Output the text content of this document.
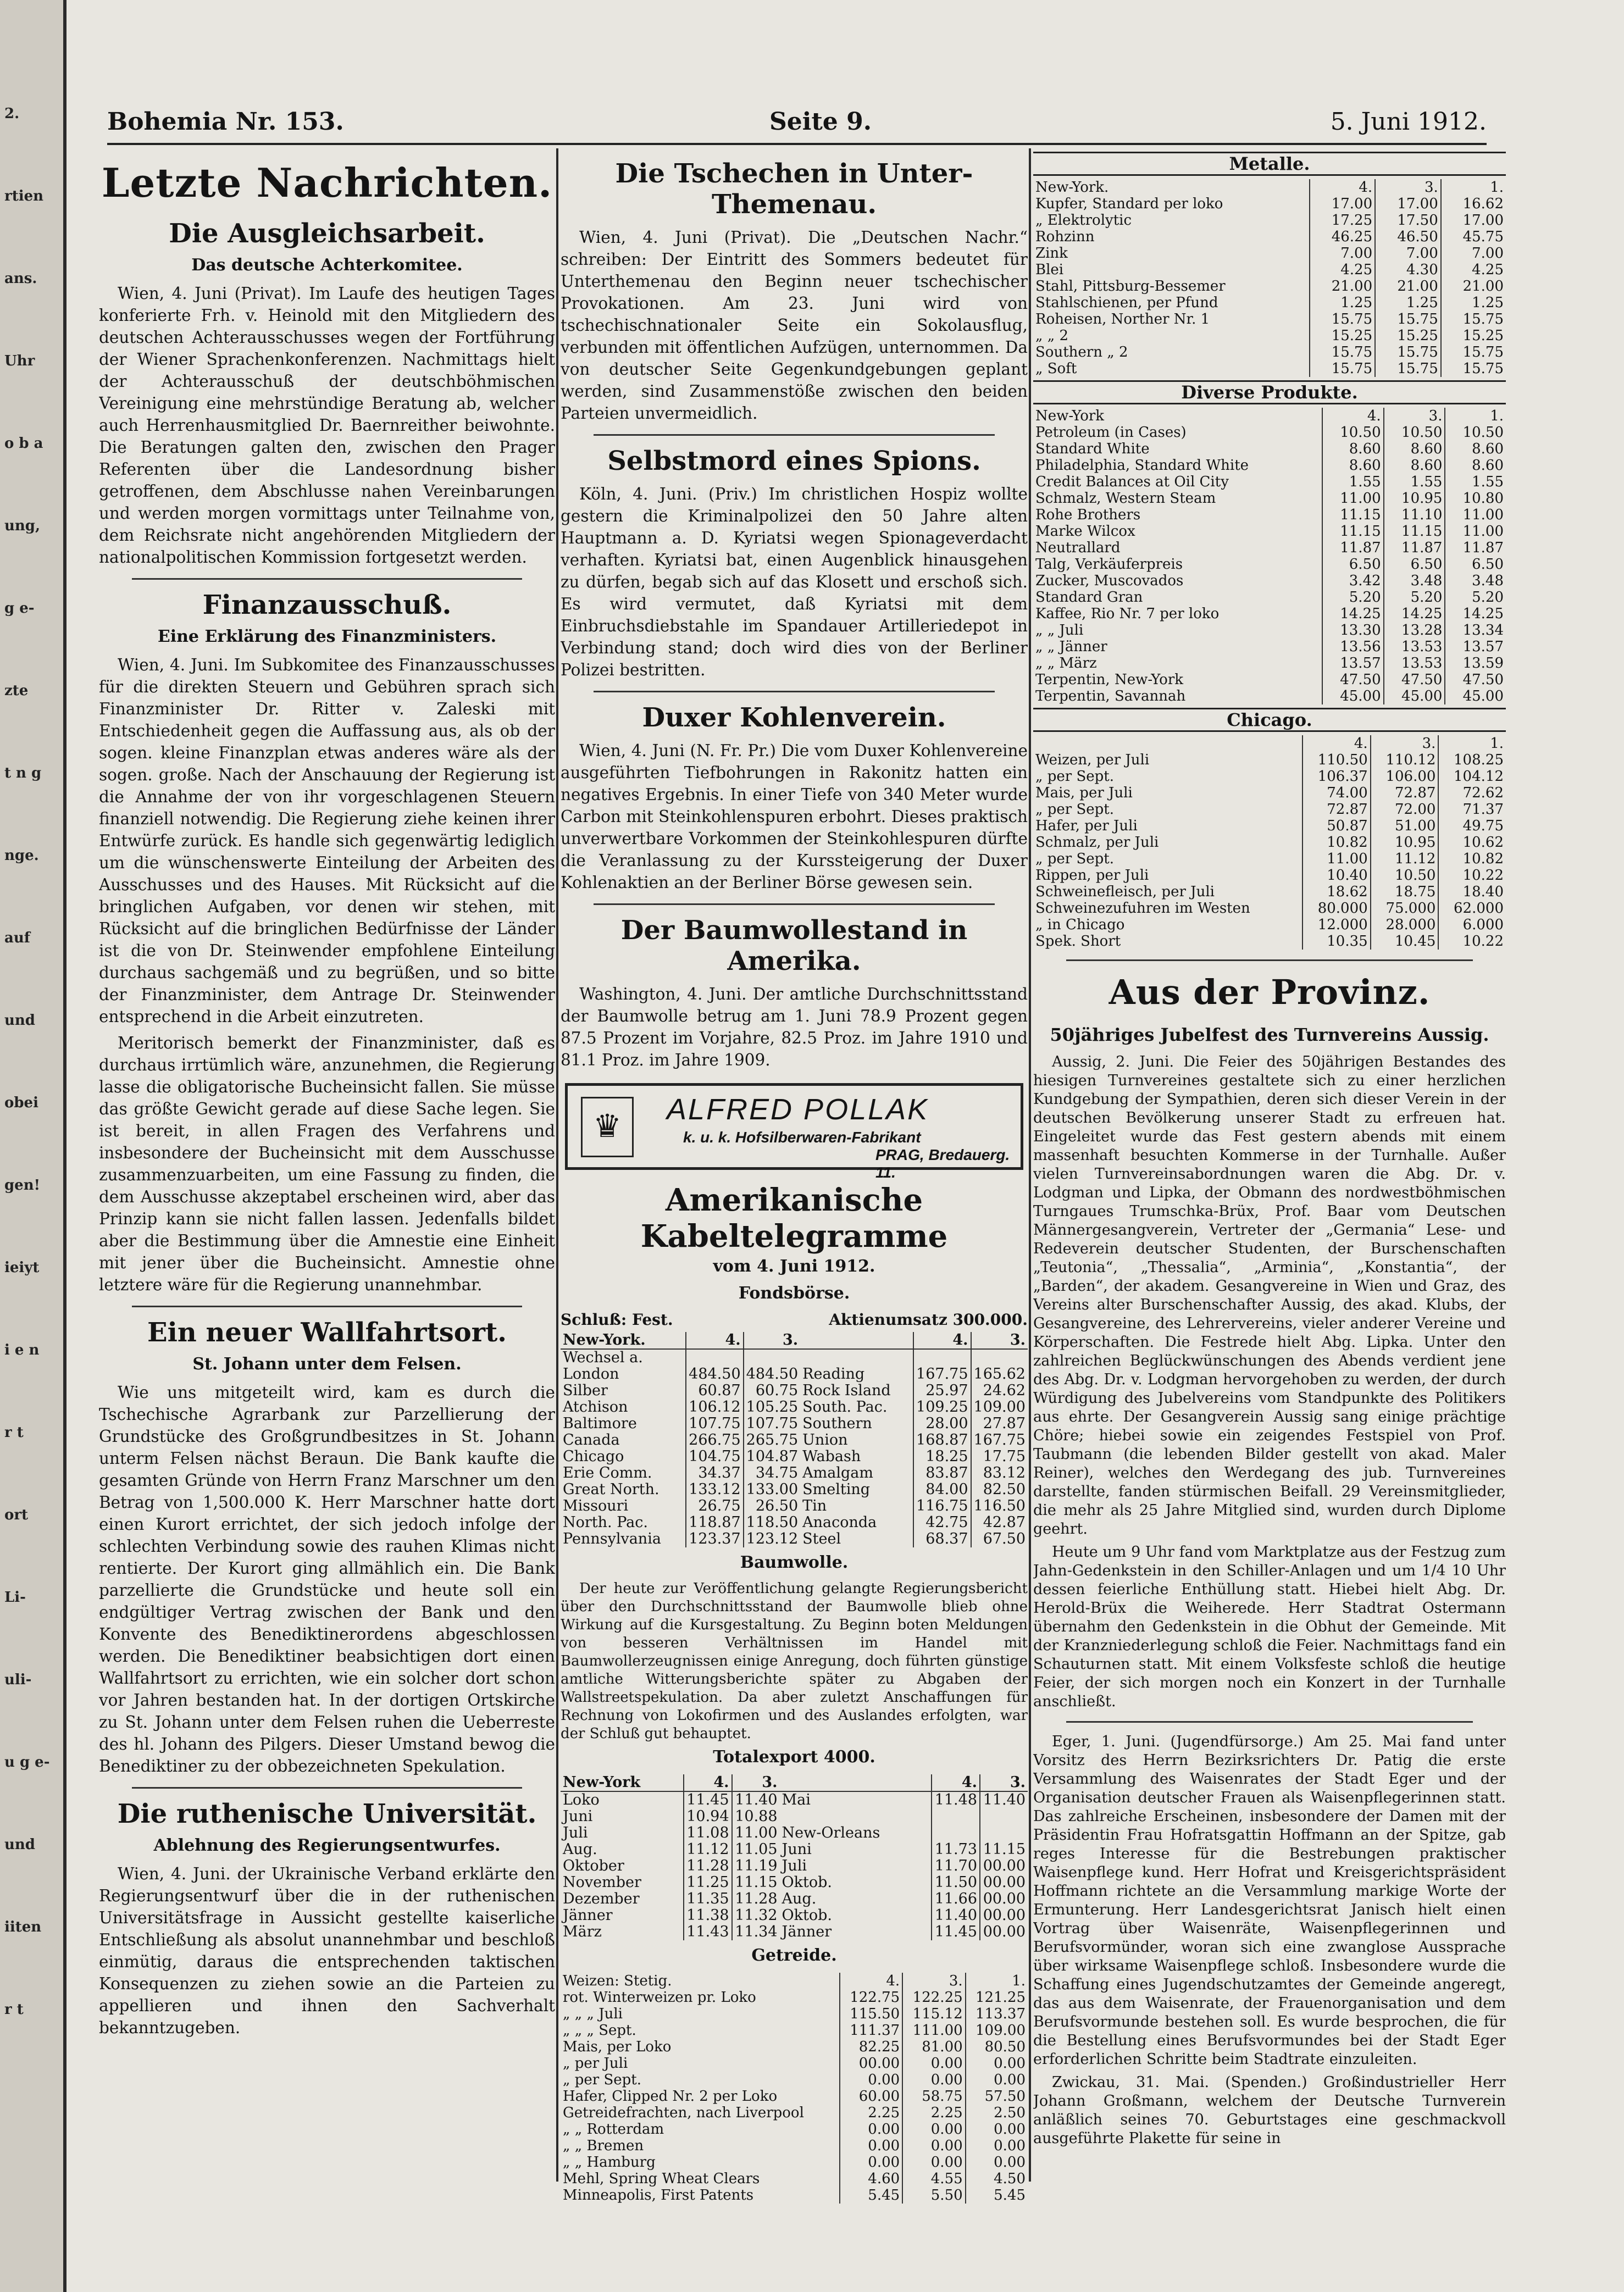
2.
rtien
ans.
Uhr
o b a
ung,
g e-
zte
t n g
nge.
auf
und
obei
gen!
ieiyt
i e n
r t
ort
Li-
uli-
u g e-
und
iiten
r t
Bohemia Nr. 153.	Seite 9.	5. Juni 1912.
Letzte Nachrichten.
Die Ausgleichsarbeit.
Das deutsche Achterkomitee.

Wien, 4. Juni (Privat). Im Laufe des heutigen Tages konferierte Frh. v. Heinold mit den Mitgliedern des deutschen Achterausschusses wegen der Fortführung der Wiener Sprachenkonferenzen. Nachmittags hielt der Achterausschuß der deutschböhmischen Vereinigung eine mehrstündige Beratung ab, welcher auch Herrenhausmitglied Dr. Baernreither beiwohnte. Die Beratungen galten den, zwischen den Prager Referenten über die Landesordnung bisher getroffenen, dem Abschlusse nahen Vereinbarungen und werden morgen vormittags unter Teilnahme von, dem Reichsrate nicht angehörenden Mitgliedern der nationalpolitischen Kommission fortgesetzt werden.

Finanzausschuß.
Eine Erklärung des Finanzministers.

Wien, 4. Juni. Im Subkomitee des Finanzausschusses für die direkten Steuern und Gebühren sprach sich Finanzminister Dr. Ritter v. Zaleski mit Entschiedenheit gegen die Auffassung aus, als ob der sogen. kleine Finanzplan etwas anderes wäre als der sogen. große. Nach der Anschauung der Regierung ist die Annahme der von ihr vorgeschlagenen Steuern finanziell notwendig. Die Regierung ziehe keinen ihrer Entwürfe zurück. Es handle sich gegenwärtig lediglich um die wünschenswerte Einteilung der Arbeiten des Ausschusses und des Hauses. Mit Rücksicht auf die bringlichen Aufgaben, vor denen wir stehen, mit Rücksicht auf die bringlichen Bedürfnisse der Länder ist die von Dr. Steinwender empfohlene Einteilung durchaus sachgemäß und zu begrüßen, und so bitte der Finanzminister, dem Antrage Dr. Steinwender entsprechend in die Arbeit einzutreten.

Meritorisch bemerkt der Finanzminister, daß es durchaus irrtümlich wäre, anzunehmen, die Regierung lasse die obligatorische Bucheinsicht fallen. Sie müsse das größte Gewicht gerade auf diese Sache legen. Sie ist bereit, in allen Fragen des Verfahrens und insbesondere der Bucheinsicht mit dem Ausschusse zusammenzuarbeiten, um eine Fassung zu finden, die dem Ausschusse akzeptabel erscheinen wird, aber das Prinzip kann sie nicht fallen lassen. Jedenfalls bildet aber die Bestimmung über die Amnestie eine Einheit mit jener über die Bucheinsicht. Amnestie ohne letztere wäre für die Regierung unannehmbar.

Ein neuer Wallfahrtsort.
St. Johann unter dem Felsen.

Wie uns mitgeteilt wird, kam es durch die Tschechische Agrarbank zur Parzellierung der Grundstücke des Großgrundbesitzes in St. Johann unterm Felsen nächst Beraun. Die Bank kaufte die gesamten Gründe von Herrn Franz Marschner um den Betrag von 1,500.000 K. Herr Marschner hatte dort einen Kurort errichtet, der sich jedoch infolge der schlechten Verbindung sowie des rauhen Klimas nicht rentierte. Der Kurort ging allmählich ein. Die Bank parzellierte die Grundstücke und heute soll ein endgültiger Vertrag zwischen der Bank und den Konvente des Benediktinerordens abgeschlossen werden. Die Benediktiner beabsichtigen dort einen Wallfahrtsort zu errichten, wie ein solcher dort schon vor Jahren bestanden hat. In der dortigen Ortskirche zu St. Johann unter dem Felsen ruhen die Ueberreste des hl. Johann des Pilgers. Dieser Umstand bewog die Benediktiner zu der obbezeichneten Spekulation.

Die ruthenische Universität.
Ablehnung des Regierungsentwurfes.

Wien, 4. Juni. der Ukrainische Verband erklärte den Regierungsentwurf über die in der ruthenischen Universitätsfrage in Aussicht gestellte kaiserliche Entschließung als absolut unannehmbar und beschloß einmütig, daraus die entsprechenden taktischen Konsequenzen zu ziehen sowie an die Parteien zu appellieren und ihnen den Sachverhalt bekanntzugeben.

Die Tschechen in Unter-Themenau.

Wien, 4. Juni (Privat). Die „Deutschen Nachr.“ schreiben: Der Eintritt des Sommers bedeutet für Unterthemenau den Beginn neuer tschechischer Provokationen. Am 23. Juni wird von tschechischnationaler Seite ein Sokolausflug, verbunden mit öffentlichen Aufzügen, unternommen. Da von deutscher Seite Gegenkundgebungen geplant werden, sind Zusammenstöße zwischen den beiden Parteien unvermeidlich.

Selbstmord eines Spions.

Köln, 4. Juni. (Priv.) Im christlichen Hospiz wollte gestern die Kriminalpolizei den 50 Jahre alten Hauptmann a. D. Kyriatsi wegen Spionageverdacht verhaften. Kyriatsi bat, einen Augenblick hinausgehen zu dürfen, begab sich auf das Klosett und erschoß sich. Es wird vermutet, daß Kyriatsi mit dem Einbruchsdiebstahle im Spandauer Artilleriedepot in Verbindung stand; doch wird dies von der Berliner Polizei bestritten.

Duxer Kohlenverein.

Wien, 4. Juni (N. Fr. Pr.) Die vom Duxer Kohlenvereine ausgeführten Tiefbohrungen in Rakonitz hatten ein negatives Ergebnis. In einer Tiefe von 340 Meter wurde Carbon mit Steinkohlenspuren erbohrt. Dieses praktisch unverwertbare Vorkommen der Steinkohlespuren dürfte die Veranlassung zu der Kurssteigerung der Duxer Kohlenaktien an der Berliner Börse gewesen sein.

Der Baumwollestand in Amerika.

Washington, 4. Juni. Der amtliche Durchschnittsstand der Baumwolle betrug am 1. Juni 78.9 Prozent gegen 87.5 Prozent im Vorjahre, 82.5 Proz. im Jahre 1910 und 81.1 Proz. im Jahre 1909.

♛	ALFRED POLLAK
k. u. k. Hofsilberwaren-Fabrikant
PRAG, Bredauerg. 11.
Amerikanische Kabeltelegramme
vom 4. Juni 1912.
Fondsbörse.
Schluß: Fest.	Aktienumsatz 300.000.
New-York.	4.	3.		4.	3.
Wechsel a.					
London	484.50	484.50	Reading	167.75	165.62
Silber	60.87	60.75	Rock Island	25.97	24.62
Atchison	106.12	105.25	South. Pac.	109.25	109.00
Baltimore	107.75	107.75	Southern	28.00	27.87
Canada	266.75	265.75	Union	168.87	167.75
Chicago	104.75	104.87	Wabash	18.25	17.75
Erie Comm.	34.37	34.75	Amalgam	83.87	83.12
Great North.	133.12	133.00	Smelting	84.00	82.50
Missouri	26.75	26.50	Tin	116.75	116.50
North. Pac.	118.87	118.50	Anaconda	42.75	42.87
Pennsylvania	123.37	123.12	Steel	68.37	67.50
Baumwolle.

Der heute zur Veröffentlichung gelangte Regierungsbericht über den Durchschnittsstand der Baumwolle blieb ohne Wirkung auf die Kursgestaltung. Zu Beginn boten Meldungen von besseren Verhältnissen im Handel mit Baumwollerzeugnissen einige Anregung, doch führten günstige amtliche Witterungsberichte später zu Abgaben der Wallstreetspekulation. Da aber zuletzt Anschaffungen für Rechnung von Lokofirmen und des Auslandes erfolgten, war der Schluß gut behauptet.

Totalexport 4000.
New-York	4.	3.		4.	3.
Loko	11.45	11.40	Mai	11.48	11.40
Juni	10.94	10.88			
Juli	11.08	11.00	New-Orleans		
Aug.	11.12	11.05	Juni	11.73	11.15
Oktober	11.28	11.19	Juli	11.70	00.00
November	11.25	11.15	Oktob.	11.50	00.00
Dezember	11.35	11.28	Aug.	11.66	00.00
Jänner	11.38	11.32	Oktob.	11.40	00.00
März	11.43	11.34	Jänner	11.45	00.00
Getreide.
Weizen: Stetig.	4.	3.	1.
rot. Winterweizen pr. Loko	122.75	122.25	121.25
„ „ „ Juli	115.50	115.12	113.37
„ „ „ Sept.	111.37	111.00	109.00
Mais, per Loko	82.25	81.00	80.50
„ per Juli	00.00	0.00	0.00
„ per Sept.	0.00	0.00	0.00
Hafer, Clipped Nr. 2 per Loko	60.00	58.75	57.50
Getreidefrachten, nach Liverpool	2.25	2.25	2.50
„ „ Rotterdam	0.00	0.00	0.00
„ „ Bremen	0.00	0.00	0.00
„ „ Hamburg	0.00	0.00	0.00
Mehl, Spring Wheat Clears	4.60	4.55	4.50
Minneapolis, First Patents	5.45	5.50	5.45
Metalle.
New-York.	4.	3.	1.
Kupfer, Standard per loko	17.00	17.00	16.62
„ Elektrolytic	17.25	17.50	17.00
Rohzinn	46.25	46.50	45.75
Zink	7.00	7.00	7.00
Blei	4.25	4.30	4.25
Stahl, Pittsburg-Bessemer	21.00	21.00	21.00
Stahlschienen, per Pfund	1.25	1.25	1.25
Roheisen, Norther Nr. 1	15.75	15.75	15.75
„ „ 2	15.25	15.25	15.25
Southern „ 2	15.75	15.75	15.75
„ Soft	15.75	15.75	15.75
Diverse Produkte.
New-York	4.	3.	1.
Petroleum (in Cases)	10.50	10.50	10.50
Standard White	8.60	8.60	8.60
Philadelphia, Standard White	8.60	8.60	8.60
Credit Balances at Oil City	1.55	1.55	1.55
Schmalz, Western Steam	11.00	10.95	10.80
Rohe Brothers	11.15	11.10	11.00
Marke Wilcox	11.15	11.15	11.00
Neutrallard	11.87	11.87	11.87
Talg, Verkäuferpreis	6.50	6.50	6.50
Zucker, Muscovados	3.42	3.48	3.48
Standard Gran	5.20	5.20	5.20
Kaffee, Rio Nr. 7 per loko	14.25	14.25	14.25
„ „ Juli	13.30	13.28	13.34
„ „ Jänner	13.56	13.53	13.57
„ „ März	13.57	13.53	13.59
Terpentin, New-York	47.50	47.50	47.50
Terpentin, Savannah	45.00	45.00	45.00
Chicago.
	4.	3.	1.
Weizen, per Juli	110.50	110.12	108.25
„ per Sept.	106.37	106.00	104.12
Mais, per Juli	74.00	72.87	72.62
„ per Sept.	72.87	72.00	71.37
Hafer, per Juli	50.87	51.00	49.75
Schmalz, per Juli	10.82	10.95	10.62
„ per Sept.	11.00	11.12	10.82
Rippen, per Juli	10.40	10.50	10.22
Schweinefleisch, per Juli	18.62	18.75	18.40
Schweinezufuhren im Westen	80.000	75.000	62.000
„ in Chicago	12.000	28.000	6.000
Spek. Short	10.35	10.45	10.22
Aus der Provinz.
50jähriges Jubelfest des Turnvereins Aussig.

Aussig, 2. Juni. Die Feier des 50jährigen Bestandes des hiesigen Turnvereines gestaltete sich zu einer herzlichen Kundgebung der Sympathien, deren sich dieser Verein in der deutschen Bevölkerung unserer Stadt zu erfreuen hat. Eingeleitet wurde das Fest gestern abends mit einem massenhaft besuchten Kommerse in der Turnhalle. Außer vielen Turnvereinsabordnungen waren die Abg. Dr. v. Lodgman und Lipka, der Obmann des nordwestböhmischen Turngaues Trumschka-Brüx, Prof. Baar vom Deutschen Männergesangverein, Vertreter der „Germania“ Lese- und Redeverein deutscher Studenten, der Burschenschaften „Teutonia“, „Thessalia“, „Arminia“, „Konstantia“, der „Barden“, der akadem. Gesangvereine in Wien und Graz, des Vereins alter Burschenschafter Aussig, des akad. Klubs, der Gesangvereine, des Lehrervereins, vieler anderer Vereine und Körperschaften. Die Festrede hielt Abg. Lipka. Unter den zahlreichen Beglückwünschungen des Abends verdient jene des Abg. Dr. v. Lodgman hervorgehoben zu werden, der durch Würdigung des Jubelvereins vom Standpunkte des Politikers aus ehrte. Der Gesangverein Aussig sang einige prächtige Chöre; hiebei sowie ein zeigendes Festspiel von Prof. Taubmann (die lebenden Bilder gestellt von akad. Maler Reiner), welches den Werdegang des jub. Turnvereines darstellte, fanden stürmischen Beifall. 29 Vereinsmitglieder, die mehr als 25 Jahre Mitglied sind, wurden durch Diplome geehrt.

Heute um 9 Uhr fand vom Marktplatze aus der Festzug zum Jahn-Gedenkstein in den Schiller-Anlagen und um 1/4 10 Uhr dessen feierliche Enthüllung statt. Hiebei hielt Abg. Dr. Herold-Brüx die Weiherede. Herr Stadtrat Ostermann übernahm den Gedenkstein in die Obhut der Gemeinde. Mit der Kranzniederlegung schloß die Feier. Nachmittags fand ein Schauturnen statt. Mit einem Volksfeste schloß die heutige Feier, der sich morgen noch ein Konzert in der Turnhalle anschließt.

Eger, 1. Juni. (Jugendfürsorge.) Am 25. Mai fand unter Vorsitz des Herrn Bezirksrichters Dr. Patig die erste Versammlung des Waisenrates der Stadt Eger und der Organisation deutscher Frauen als Waisenpflegerinnen statt. Das zahlreiche Erscheinen, insbesondere der Damen mit der Präsidentin Frau Hofratsgattin Hoffmann an der Spitze, gab reges Interesse für die Bestrebungen praktischer Waisenpflege kund. Herr Hofrat und Kreisgerichtspräsident Hoffmann richtete an die Versammlung markige Worte der Ermunterung. Herr Landesgerichtsrat Janisch hielt einen Vortrag über Waisenräte, Waisenpflegerinnen und Berufsvormünder, woran sich eine zwanglose Aussprache über wirksame Waisenpflege schloß. Insbesondere wurde die Schaffung eines Jugendschutzamtes der Gemeinde angeregt, das aus dem Waisenrate, der Frauenorganisation und dem Berufsvormunde bestehen soll. Es wurde besprochen, die für die Bestellung eines Berufsvormundes bei der Stadt Eger erforderlichen Schritte beim Stadtrate einzuleiten.

Zwickau, 31. Mai. (Spenden.) Großindustrieller Herr Johann Großmann, welchem der Deutsche Turnverein anläßlich seines 70. Geburtstages eine geschmackvoll ausgeführte Plakette für seine in
